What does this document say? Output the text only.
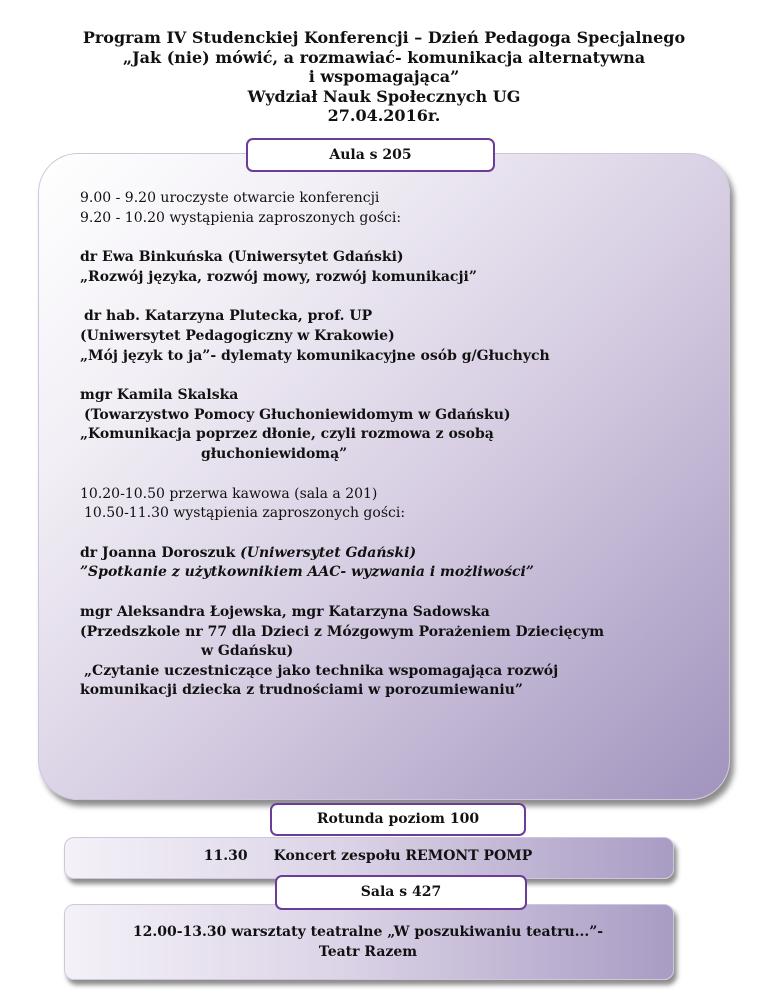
Program IV Studenckiej Konferencji – Dzień Pedagoga Specjalnego
„Jak (nie) mówić, a rozmawiać- komunikacja alternatywna
i wspomagająca”
Wydział Nauk Społecznych UG
27.04.2016r.
Aula s 205
9.00 - 9.20 uroczyste otwarcie konferencji
9.20 - 10.20 wystąpienia zaproszonych gości:
dr Ewa Binkuńska (Uniwersytet Gdański)
„Rozwój języka, rozwój mowy, rozwój komunikacji”
dr hab. Katarzyna Plutecka, prof. UP
(Uniwersytet Pedagogiczny w Krakowie)
„Mój język to ja”- dylematy komunikacyjne osób g/Głuchych
mgr Kamila Skalska
(Towarzystwo Pomocy Głuchoniewidomym w Gdańsku)
„Komunikacja poprzez dłonie, czyli rozmowa z osobą
głuchoniewidomą”
10.20-10.50 przerwa kawowa (sala a 201)
10.50-11.30 wystąpienia zaproszonych gości:
dr Joanna Doroszuk (Uniwersytet Gdański)
”Spotkanie z użytkownikiem AAC- wyzwania i możliwości”
mgr Aleksandra Łojewska, mgr Katarzyna Sadowska
(Przedszkole nr 77 dla Dzieci z Mózgowym Porażeniem Dziecięcym
w Gdańsku)
„Czytanie uczestniczące jako technika wspomagająca rozwój
komunikacji dziecka z trudnościami w porozumiewaniu”
11.30 Koncert zespołu REMONT POMP
Rotunda poziom 100
12.00-13.30 warsztaty teatralne „W poszukiwaniu teatru...”-
Teatr Razem
Sala s 427
